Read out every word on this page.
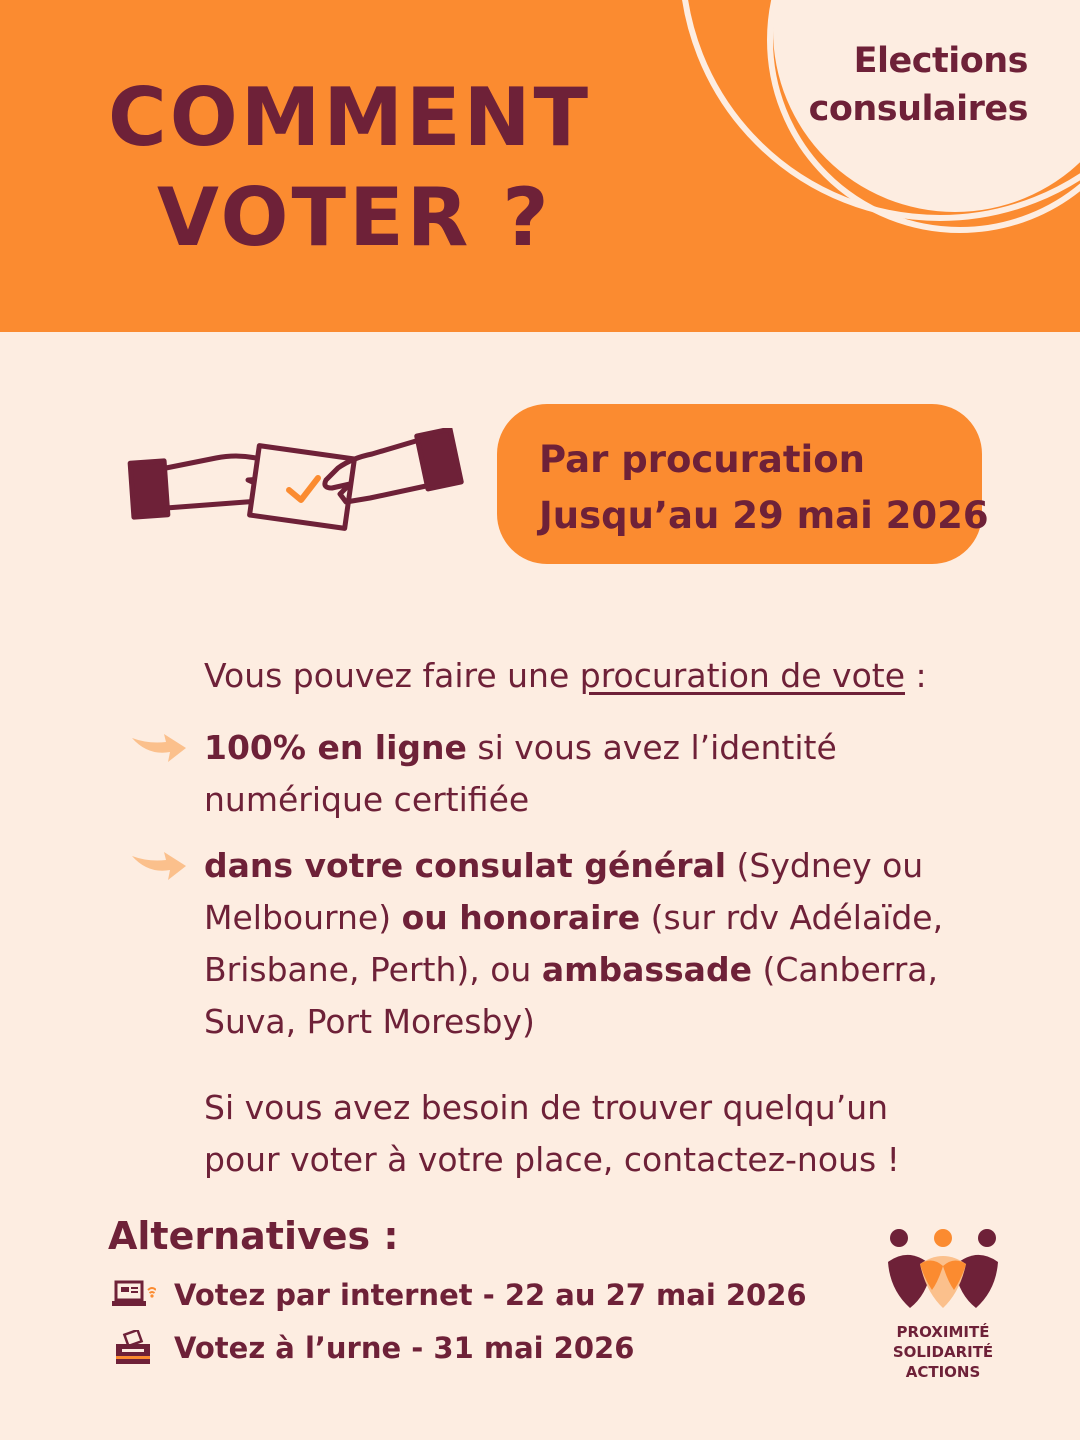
COMMENT
VOTER ?
Elections
consulaires
Par procuration
Jusqu’au 29 mai 2026
Vous pouvez faire une procuration de vote :
100% en ligne si vous avez l’identité numérique certifiée
dans votre consulat général (Sydney ou Melbourne) ou honoraire (sur rdv Adélaïde, Brisbane, Perth), ou ambassade (Canberra, Suva, Port Moresby)
Si vous avez besoin de trouver quelqu’un pour voter à votre place, contactez-nous !
Alternatives :
Votez par internet - 22 au 27 mai 2026
Votez à l’urne - 31 mai 2026	PROXIMITÉ
SOLIDARITÉ
ACTIONS
